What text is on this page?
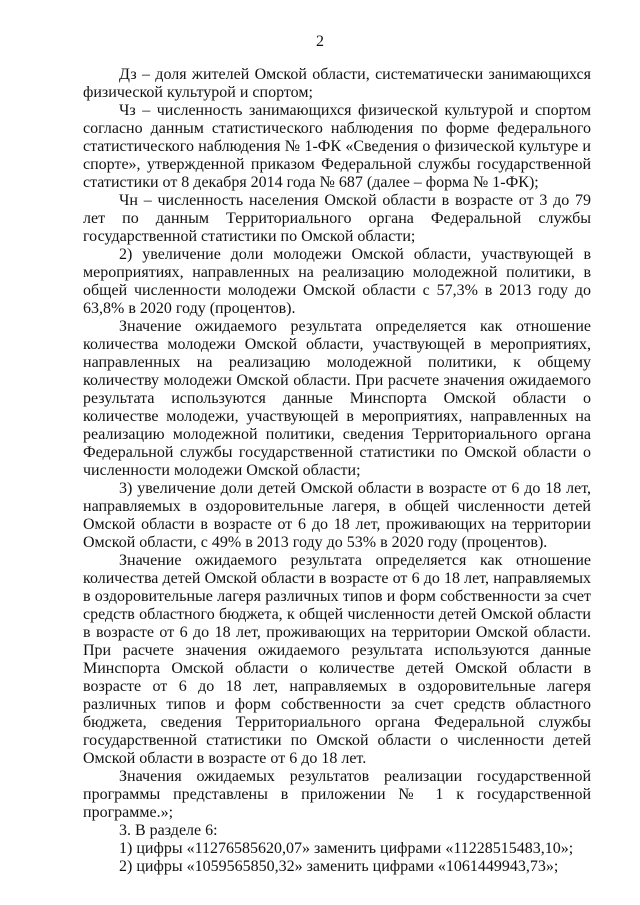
2

Дз – доля жителей Омской области, систематически занимающихся физической культурой и спортом;

Чз – численность занимающихся физической культурой и спортом согласно данным статистического наблюдения по форме федерального статистического наблюдения № 1-ФК «Сведения о физической культуре и спорте», утвержденной приказом Федеральной службы государственной статистики от 8 декабря 2014 года № 687 (далее – форма № 1-ФК);

Чн – численность населения Омской области в возрасте от 3 до 79 лет по данным Территориального органа Федеральной службы государственной статистики по Омской области;

2) увеличение доли молодежи Омской области, участвующей в мероприятиях, направленных на реализацию молодежной политики, в общей численности молодежи Омской области с 57,3% в 2013 году до 63,8% в 2020 году (процентов).

Значение ожидаемого результата определяется как отношение количества молодежи Омской области, участвующей в мероприятиях, направленных на реализацию молодежной политики, к общему количеству молодежи Омской области. При расчете значения ожидаемого результата используются данные Минспорта Омской области о количестве молодежи, участвующей в мероприятиях, направленных на реализацию молодежной политики, сведения Территориального органа Федеральной службы государственной статистики по Омской области о численности молодежи Омской области;

3) увеличение доли детей Омской области в возрасте от 6 до 18 лет, направляемых в оздоровительные лагеря, в общей численности детей Омской области в возрасте от 6 до 18 лет, проживающих на территории Омской области, с 49% в 2013 году до 53% в 2020 году (процентов).

Значение ожидаемого результата определяется как отношение количества детей Омской области в возрасте от 6 до 18 лет, направляемых в оздоровительные лагеря различных типов и форм собственности за счет средств областного бюджета, к общей численности детей Омской области в возрасте от 6 до 18 лет, проживающих на территории Омской области. При расчете значения ожидаемого результата используются данные Минспорта Омской области о количестве детей Омской области в возрасте от 6 до 18 лет, направляемых в оздоровительные лагеря различных типов и форм собственности за счет средств областного бюджета, сведения Территориального органа Федеральной службы государственной статистики по Омской области о численности детей Омской области в возрасте от 6 до 18 лет.

Значения ожидаемых результатов реализации государственной программы представлены в приложении № 1 к государственной программе.»;

3. В разделе 6:

1) цифры «11276585620,07» заменить цифрами «11228515483,10»;

2) цифры «1059565850,32» заменить цифрами «1061449943,73»;
